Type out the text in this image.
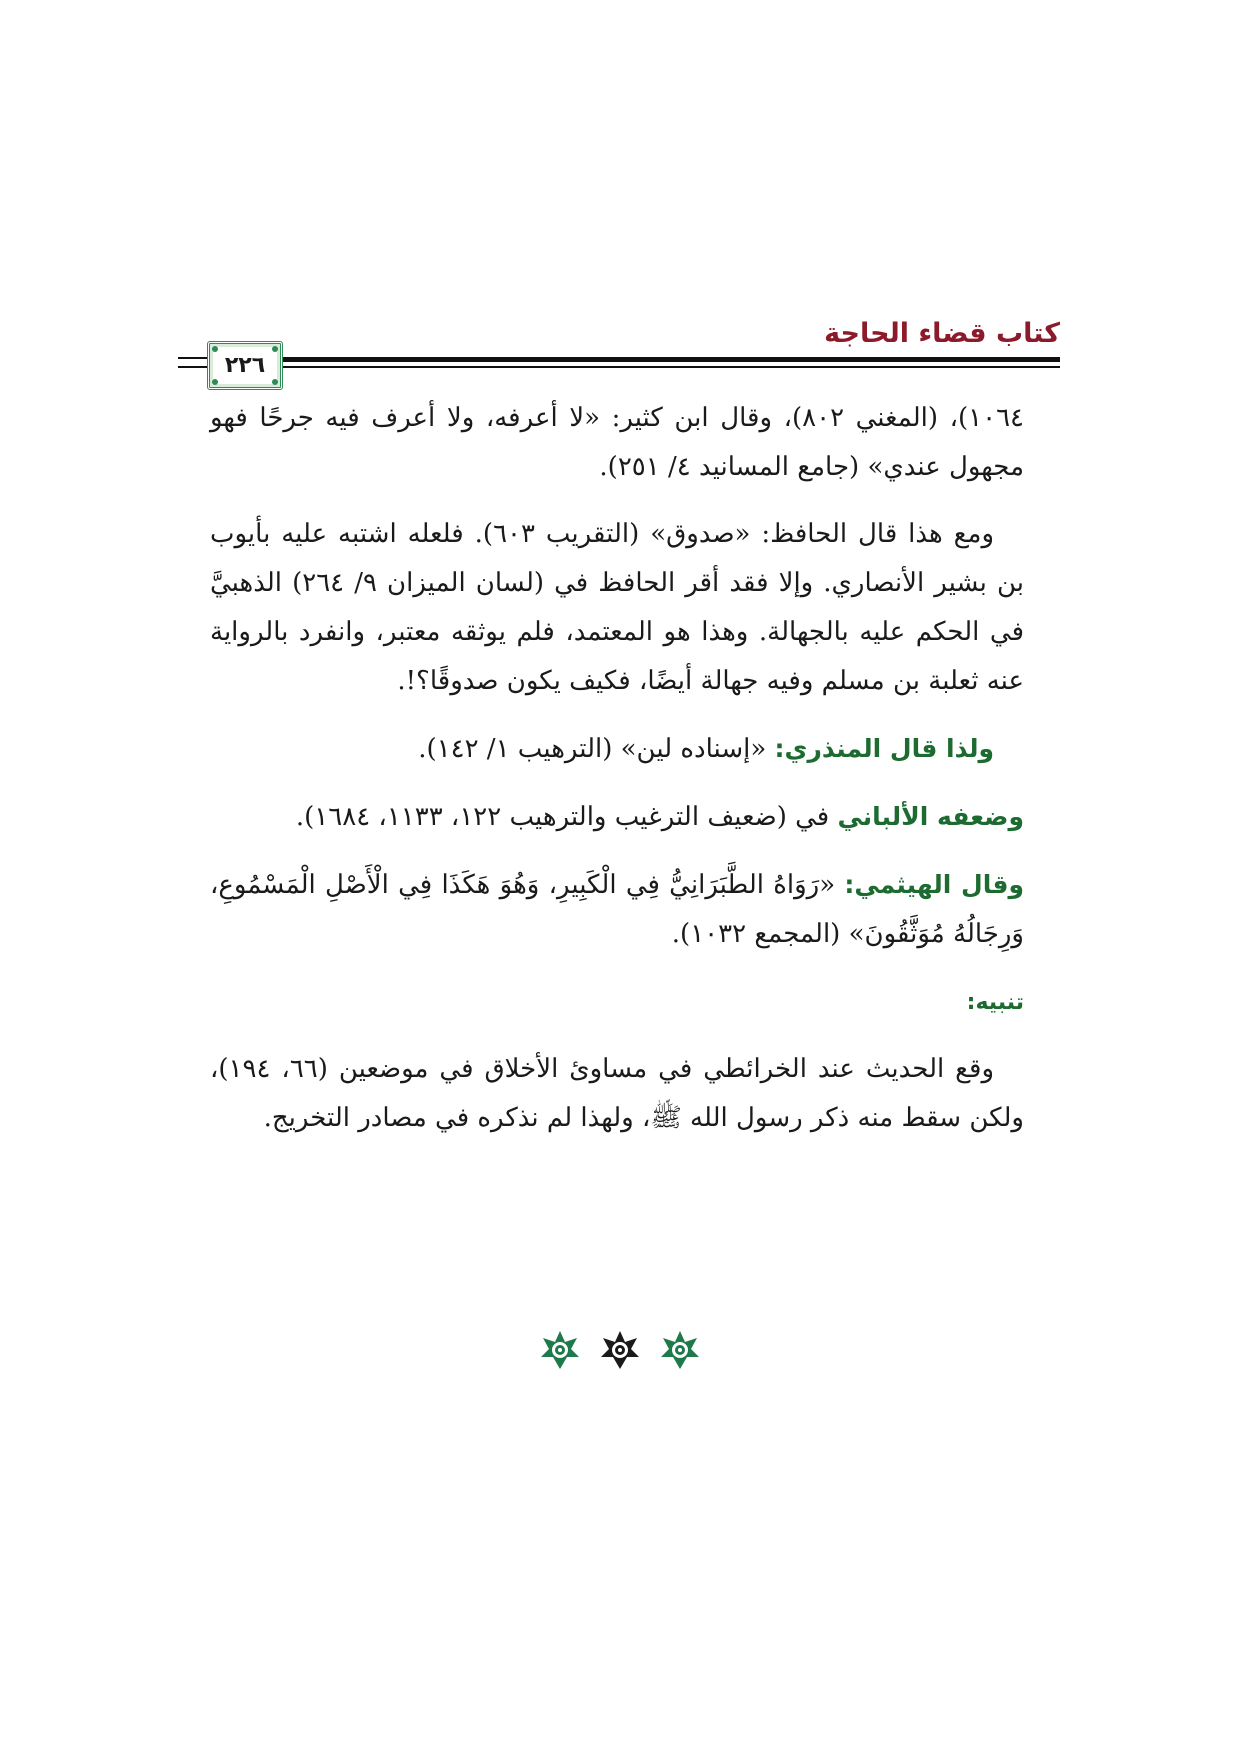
كتاب قضاء الحاجة
٢٢٦

١٠٦٤)، (المغني ٨٠٢)، وقال ابن كثير: «لا أعرفه، ولا أعرف فيه جرحًا فهو مجهول عندي» (جامع المسانيد ٤/ ٢٥١).

ومع هذا قال الحافظ: «صدوق» (التقريب ٦٠٣). فلعله اشتبه عليه بأيوب بن بشير الأنصاري. وإلا فقد أقر الحافظ في (لسان الميزان ٩/ ٢٦٤) الذهبيَّ في الحكم عليه بالجهالة. وهذا هو المعتمد، فلم يوثقه معتبر، وانفرد بالرواية عنه ثعلبة بن مسلم وفيه جهالة أيضًا، فكيف يكون صدوقًا؟!.

ولذا قال المنذري: «إسناده لين» (الترهيب ١/ ١٤٢).

وضعفه الألباني في (ضعيف الترغيب والترهيب ١٢٢، ١١٣٣، ١٦٨٤).

وقال الهيثمي: «رَوَاهُ الطَّبَرَانِيُّ فِي الْكَبِيرِ، وَهُوَ هَكَذَا فِي الْأَصْلِ الْمَسْمُوعِ، وَرِجَالُهُ مُوَثَّقُونَ» (المجمع ١٠٣٢).

تنبيه:

وقع الحديث عند الخرائطي في مساوئ الأخلاق في موضعين (٦٦، ١٩٤)، ولكن سقط منه ذكر رسول الله ﷺ، ولهذا لم نذكره في مصادر التخريج.
